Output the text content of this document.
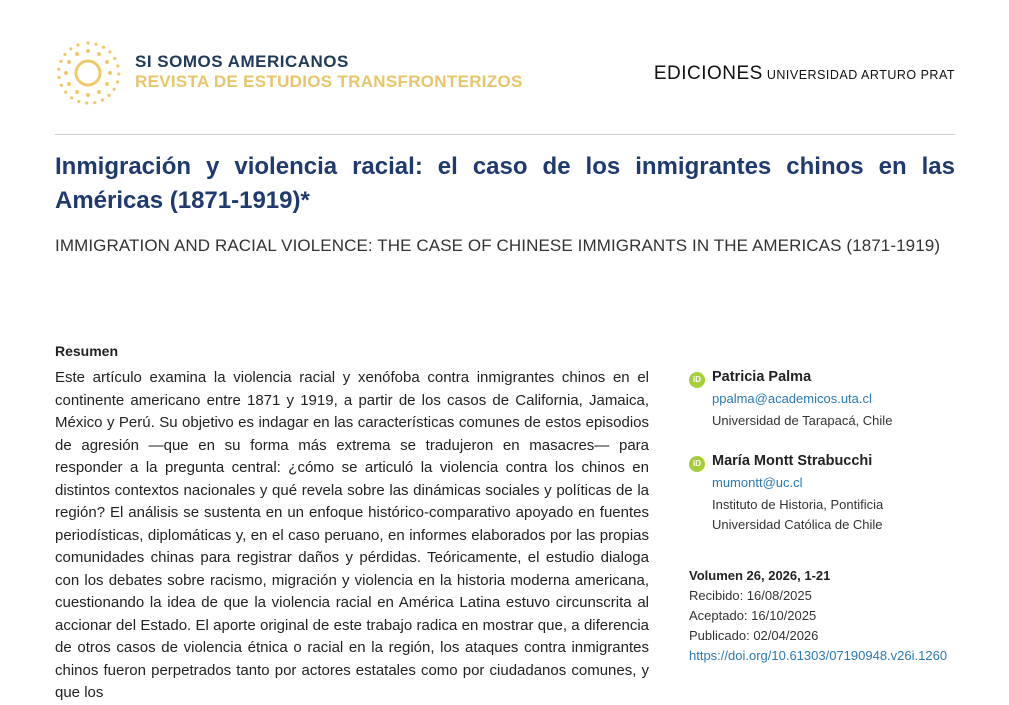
SI SOMOS AMERICANOS
REVISTA DE ESTUDIOS TRANSFRONTERIZOS	EDICIONES UNIVERSIDAD ARTURO PRAT
Inmigración y violencia racial: el caso de los inmigrantes chinos en las Américas (1871-1919)*

IMMIGRATION AND RACIAL VIOLENCE: THE CASE OF CHINESE IMMIGRANTS IN THE AMERICAS (1871-1919)

Resumen

Este artículo examina la violencia racial y xenófoba contra inmigrantes chinos en el continente americano entre 1871 y 1919, a partir de los casos de California, Jamaica, México y Perú. Su objetivo es indagar en las características comunes de estos episodios de agresión —que en su forma más extrema se tradujeron en masacres— para responder a la pregunta central: ¿cómo se articuló la violencia contra los chinos en distintos contextos nacionales y qué revela sobre las dinámicas sociales y políticas de la región? El análisis se sustenta en un enfoque histórico-comparativo apoyado en fuentes periodísticas, diplomáticas y, en el caso peruano, en informes elaborados por las propias comunidades chinas para registrar daños y pérdidas. Teóricamente, el estudio dialoga con los debates sobre racismo, migración y violencia en la historia moderna americana, cuestionando la idea de que la violencia racial en América Latina estuvo circunscrita al accionar del Estado. El aporte original de este trabajo radica en mostrar que, a diferencia de otros casos de violencia étnica o racial en la región, los ataques contra inmigrantes chinos fueron perpetrados tanto por actores estatales como por ciudadanos comunes, y que los

iD Patricia Palma
ppalma@academicos.uta.cl
Universidad de Tarapacá, Chile
iD María Montt Strabucchi
mumontt@uc.cl
Instituto de Historia, Pontificia Universidad Católica de Chile
Volumen 26, 2026, 1-21
Recibido: 16/08/2025
Aceptado: 16/10/2025
Publicado: 02/04/2026
https://doi.org/10.61303/07190948.v26i.1260
